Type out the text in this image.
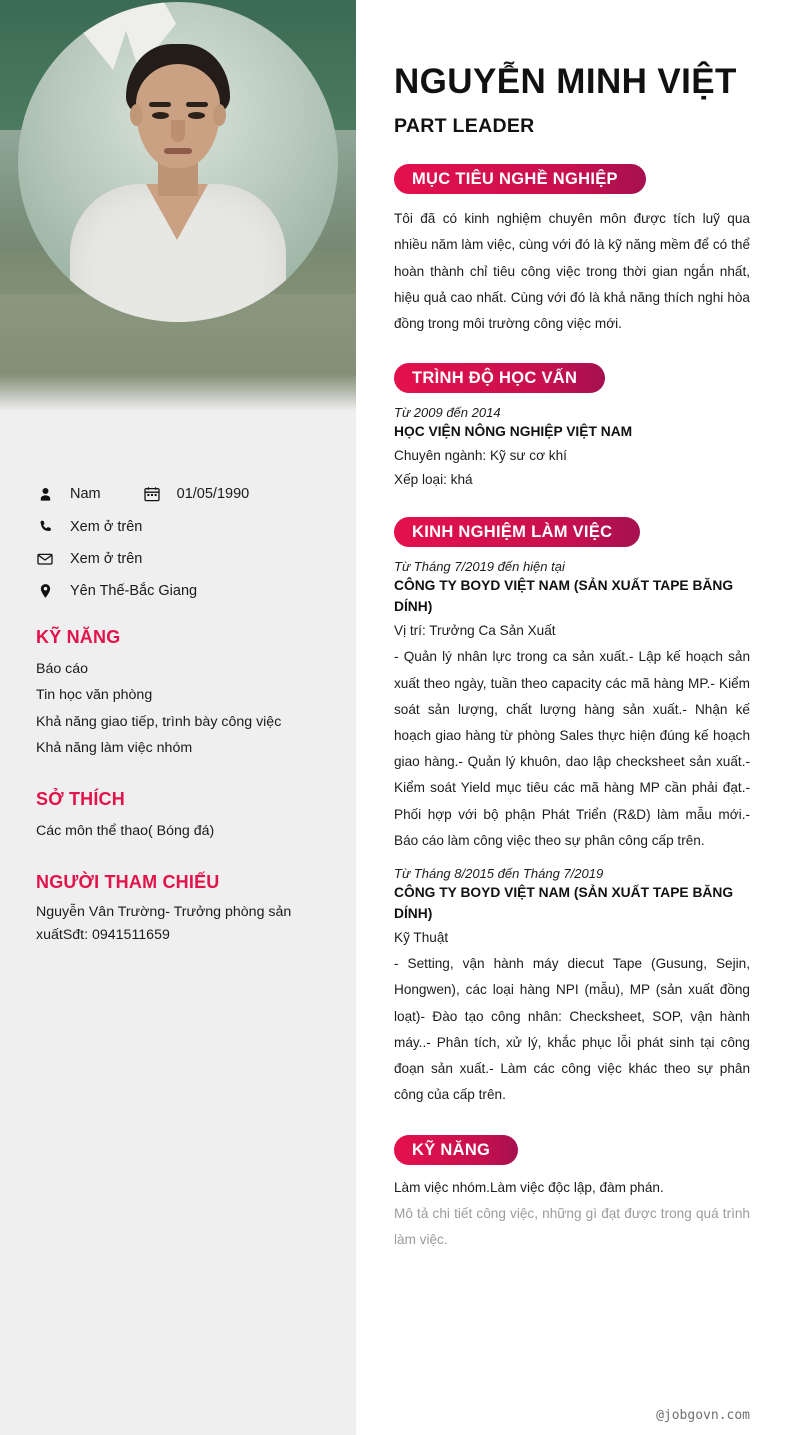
Nam	01/05/1990
Xem ở trên
Xem ở trên
Yên Thế-Bắc Giang
KỸ NĂNG
Báo cáo
Tin học văn phòng
Khả năng giao tiếp, trình bày công việc
Khả năng làm việc nhóm
SỞ THÍCH
Các môn thể thao( Bóng đá)
NGƯỜI THAM CHIẾU
Nguyễn Vân Trường- Trưởng phòng sản xuấtSđt: 0941511659
NGUYỄN MINH VIỆT
PART LEADER
MỤC TIÊU NGHỀ NGHIỆP
Tôi đã có kinh nghiệm chuyên môn được tích luỹ qua nhiều năm làm việc, cùng với đó là kỹ năng mềm để có thể hoàn thành chỉ tiêu công việc trong thời gian ngắn nhất, hiệu quả cao nhất. Cùng với đó là khả năng thích nghi hòa đồng trong môi trường công việc mới.
TRÌNH ĐỘ HỌC VẤN
Từ 2009 đến 2014
HỌC VIỆN NÔNG NGHIỆP VIỆT NAM
Chuyên ngành: Kỹ sư cơ khí
Xếp loại: khá
KINH NGHIỆM LÀM VIỆC
Từ Tháng 7/2019 đến hiện tại
CÔNG TY BOYD VIỆT NAM (SẢN XUẤT TAPE BĂNG DÍNH)
Vị trí: Trưởng Ca Sản Xuất
- Quản lý nhân lực trong ca sản xuất.- Lập kế hoạch sản xuất theo ngày, tuần theo capacity các mã hàng MP.- Kiểm soát sản lượng, chất lượng hàng sản xuất.- Nhận kế hoạch giao hàng từ phòng Sales thực hiện đúng kế hoạch giao hàng.- Quản lý khuôn, dao lập checksheet sản xuất.- Kiểm soát Yield mục tiêu các mã hàng MP cần phải đạt.- Phối hợp với bộ phận Phát Triển (R&D) làm mẫu mới.- Báo cáo làm công việc theo sự phân công cấp trên.
Từ Tháng 8/2015 đến Tháng 7/2019
CÔNG TY BOYD VIỆT NAM (SẢN XUẤT TAPE BĂNG DÍNH)
Kỹ Thuật
- Setting, vận hành máy diecut Tape (Gusung, Sejin, Hongwen), các loại hàng NPI (mẫu), MP (sản xuất đồng loạt)- Đào tạo công nhân: Checksheet, SOP, vận hành máy..- Phân tích, xử lý, khắc phục lỗi phát sinh tại công đoạn sản xuất.- Làm các công việc khác theo sự phân công của cấp trên.
KỸ NĂNG
Làm việc nhóm.Làm việc độc lập, đàm phán.
Mô tả chi tiết công việc, những gì đạt được trong quá trình làm việc.
@jobgovn.com
